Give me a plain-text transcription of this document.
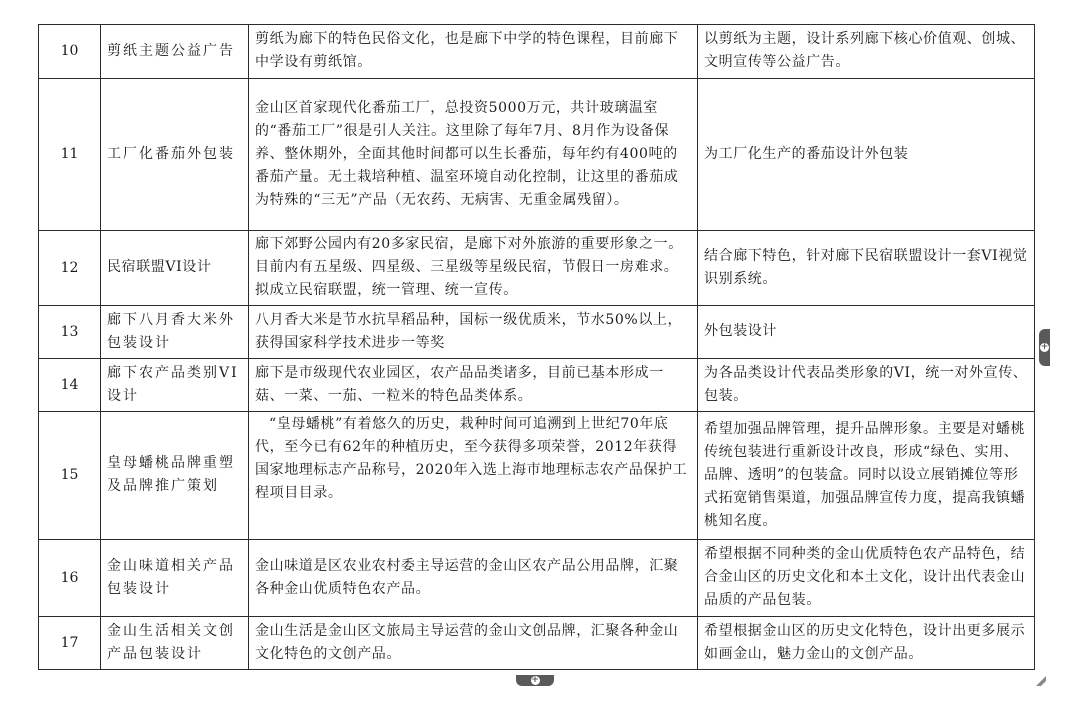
10	剪纸主题公益广告	剪纸为廊下的特色民俗文化，也是廊下中学的特色课程，目前廊下中学设有剪纸馆。	以剪纸为主题，设计系列廊下核心价值观、创城、文明宣传等公益广告。
11	工厂化番茄外包装	金山区首家现代化番茄工厂，总投资5000万元，共计玻璃温室的“番茄工厂”很是引人关注。这里除了每年7月、8月作为设备保养、整休期外，全面其他时间都可以生长番茄，每年约有400吨的番茄产量。无土栽培种植、温室环境自动化控制，让这里的番茄成为特殊的“三无”产品（无农药、无病害、无重金属残留）。	为工厂化生产的番茄设计外包装
12	民宿联盟VI设计	廊下郊野公园内有20多家民宿，是廊下对外旅游的重要形象之一。目前内有五星级、四星级、三星级等星级民宿，节假日一房难求。拟成立民宿联盟，统一管理、统一宣传。	结合廊下特色，针对廊下民宿联盟设计一套VI视觉识别系统。
13	廊下八月香大米外包装设计	八月香大米是节水抗旱稻品种，国标一级优质米，节水50%以上，获得国家科学技术进步一等奖	外包装设计
14	廊下农产品类别VI设计	廊下是市级现代农业园区，农产品品类诸多，目前已基本形成一菇、一菜、一茄、一粒米的特色品类体系。	为各品类设计代表品类形象的VI，统一对外宣传、包装。
15	皇母蟠桃品牌重塑及品牌推广策划	“皇母蟠桃”有着悠久的历史，栽种时间可追溯到上世纪70年底代，至今已有62年的种植历史，至今获得多项荣誉，2012年获得国家地理标志产品称号，2020年入选上海市地理标志农产品保护工程项目目录。	希望加强品牌管理，提升品牌形象。主要是对蟠桃传统包装进行重新设计改良，形成“绿色、实用、品牌、透明”的包装盒。同时以设立展销摊位等形式拓宽销售渠道，加强品牌宣传力度，提高我镇蟠桃知名度。
16	金山味道相关产品包装设计	金山味道是区农业农村委主导运营的金山区农产品公用品牌，汇聚各种金山优质特色农产品。	希望根据不同种类的金山优质特色农产品特色，结合金山区的历史文化和本土文化，设计出代表金山品质的产品包装。
17	金山生活相关文创产品包装设计	金山生活是金山区文旅局主导运营的金山文创品牌，汇聚各种金山文化特色的文创产品。	希望根据金山区的历史文化特色，设计出更多展示如画金山，魅力金山的文创产品。
+
+
